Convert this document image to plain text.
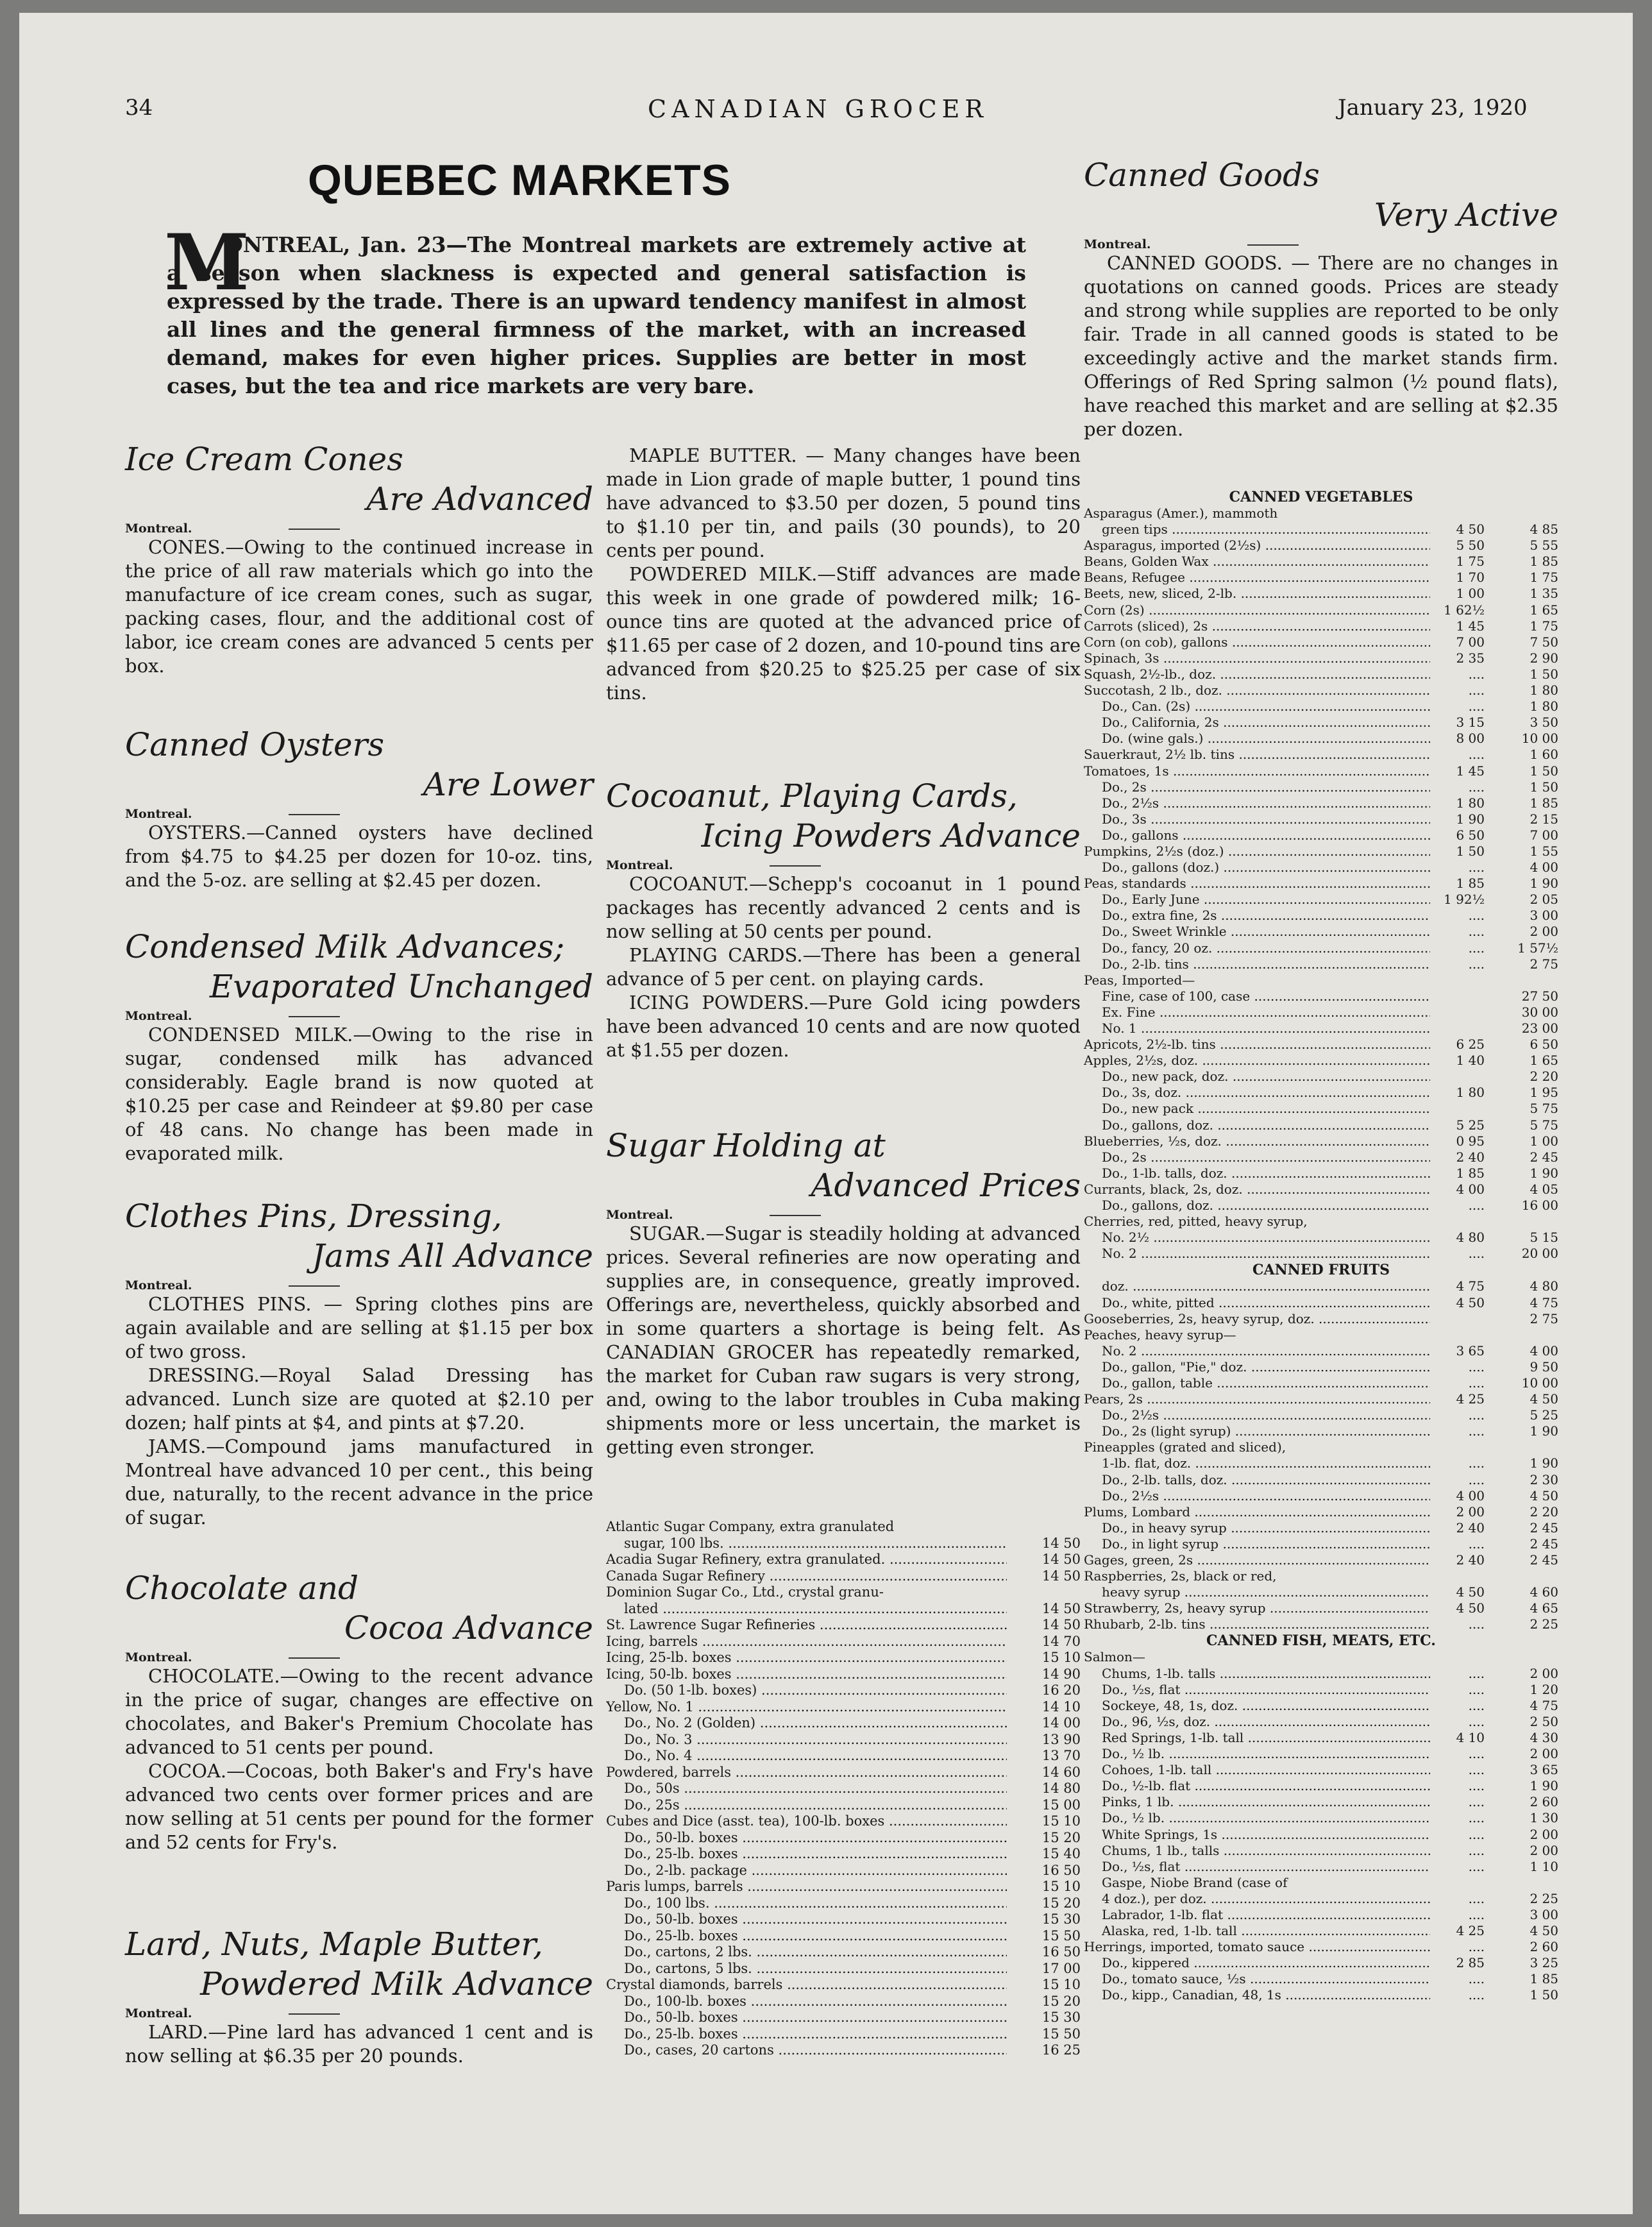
34	CANADIAN GROCER	January 23, 1920
QUEBEC MARKETS
M
ONTREAL, Jan. 23—The Montreal markets are extremely active at a season when slackness is expected and general satisfaction is expressed by the trade. There is an upward tendency manifest in almost all lines and the general firmness of the market, with an increased demand, makes for even higher prices. Supplies are better in most cases, but the tea and rice markets are very bare.
Ice Cream Cones
Are Advanced
Montreal.
CONES.—Owing to the continued increase in the price of all raw materials which go into the manufacture of ice cream cones, such as sugar, packing cases, flour, and the additional cost of labor, ice cream cones are advanced 5 cents per box.
Canned Oysters
Are Lower
Montreal.
OYSTERS.—Canned oysters have declined from $4.75 to $4.25 per dozen for 10-oz. tins, and the 5-oz. are selling at $2.45 per dozen.
Condensed Milk Advances;
Evaporated Unchanged
Montreal.
CONDENSED MILK.—Owing to the rise in sugar, condensed milk has advanced considerably. Eagle brand is now quoted at $10.25 per case and Reindeer at $9.80 per case of 48 cans. No change has been made in evaporated milk.
Clothes Pins, Dressing,
Jams All Advance
Montreal.
CLOTHES PINS. — Spring clothes pins are again available and are selling at $1.15 per box of two gross.
DRESSING.—Royal Salad Dressing has advanced. Lunch size are quoted at $2.10 per dozen; half pints at $4, and pints at $7.20.
JAMS.—Compound jams manufactured in Montreal have advanced 10 per cent., this being due, naturally, to the recent advance in the price of sugar.
Chocolate and
Cocoa Advance
Montreal.
CHOCOLATE.—Owing to the recent advance in the price of sugar, changes are effective on chocolates, and Baker's Premium Chocolate has advanced to 51 cents per pound.
COCOA.—Cocoas, both Baker's and Fry's have advanced two cents over former prices and are now selling at 51 cents per pound for the former and 52 cents for Fry's.
Lard, Nuts, Maple Butter,
Powdered Milk Advance
Montreal.
LARD.—Pine lard has advanced 1 cent and is now selling at $6.35 per 20 pounds.
MAPLE BUTTER. — Many changes have been made in Lion grade of maple butter, 1 pound tins have advanced to $3.50 per dozen, 5 pound tins to $1.10 per tin, and pails (30 pounds), to 20 cents per pound.
POWDERED MILK.—Stiff advances are made this week in one grade of powdered milk; 16-ounce tins are quoted at the advanced price of $11.65 per case of 2 dozen, and 10-pound tins are advanced from $20.25 to $25.25 per case of six tins.
Cocoanut, Playing Cards,
Icing Powders Advance
Montreal.
COCOANUT.—Schepp's cocoanut in 1 pound packages has recently advanced 2 cents and is now selling at 50 cents per pound.
PLAYING CARDS.—There has been a general advance of 5 per cent. on playing cards.
ICING POWDERS.—Pure Gold icing powders have been advanced 10 cents and are now quoted at $1.55 per dozen.
Sugar Holding at
Advanced Prices
Montreal.
SUGAR.—Sugar is steadily holding at advanced prices. Several refineries are now operating and supplies are, in consequence, greatly improved. Offerings are, nevertheless, quickly absorbed and in some quarters a shortage is being felt. As CANADIAN GROCER has repeatedly remarked, the market for Cuban raw sugars is very strong, and, owing to the labor troubles in Cuba making shipments more or less uncertain, the market is getting even stronger.
Atlantic Sugar Company, extra granulated
sugar, 100 lbs. .....	14 50
Acadia Sugar Refinery, extra granulated. .....	14 50
Canada Sugar Refinery .....	14 50
Dominion Sugar Co., Ltd., crystal granu-
lated .....	14 50
St. Lawrence Sugar Refineries .....	14 50
Icing, barrels .....	14 70
Icing, 25-lb. boxes .....	15 10
Icing, 50-lb. boxes .....	14 90
Do. (50 1-lb. boxes) .....	16 20
Yellow, No. 1 .....	14 10
Do., No. 2 (Golden) .....	14 00
Do., No. 3 .....	13 90
Do., No. 4 .....	13 70
Powdered, barrels .....	14 60
Do., 50s .....	14 80
Do., 25s .....	15 00
Cubes and Dice (asst. tea), 100-lb. boxes .....	15 10
Do., 50-lb. boxes .....	15 20
Do., 25-lb. boxes .....	15 40
Do., 2-lb. package .....	16 50
Paris lumps, barrels .....	15 10
Do., 100 lbs. .....	15 20
Do., 50-lb. boxes .....	15 30
Do., 25-lb. boxes .....	15 50
Do., cartons, 2 lbs. .....	16 50
Do., cartons, 5 lbs. .....	17 00
Crystal diamonds, barrels .....	15 10
Do., 100-lb. boxes .....	15 20
Do., 50-lb. boxes .....	15 30
Do., 25-lb. boxes .....	15 50
Do., cases, 20 cartons .....	16 25
Canned Goods
Very Active
Montreal.
CANNED GOODS. — There are no changes in quotations on canned goods. Prices are steady and strong while supplies are reported to be only fair. Trade in all canned goods is stated to be exceedingly active and the market stands firm. Offerings of Red Spring salmon (½ pound flats), have reached this market and are selling at $2.35 per dozen.
CANNED VEGETABLES
Asparagus (Amer.), mammoth
green tips .....	4 50	4 85
Asparagus, imported (2½s) .....	5 50	5 55
Beans, Golden Wax .....	1 75	1 85
Beans, Refugee .....	1 70	1 75
Beets, new, sliced, 2-lb. .....	1 00	1 35
Corn (2s) .....	1 62½	1 65
Carrots (sliced), 2s .....	1 45	1 75
Corn (on cob), gallons .....	7 00	7 50
Spinach, 3s .....	2 35	2 90
Squash, 2½-lb., doz. .....	....	1 50
Succotash, 2 lb., doz. .....	....	1 80
Do., Can. (2s) .....	....	1 80
Do., California, 2s .....	3 15	3 50
Do. (wine gals.) .....	8 00	10 00
Sauerkraut, 2½ lb. tins .....	....	1 60
Tomatoes, 1s .....	1 45	1 50
Do., 2s .....	....	1 50
Do., 2½s .....	1 80	1 85
Do., 3s .....	1 90	2 15
Do., gallons .....	6 50	7 00
Pumpkins, 2½s (doz.) .....	1 50	1 55
Do., gallons (doz.) .....	....	4 00
Peas, standards .....	1 85	1 90
Do., Early June .....	1 92½	2 05
Do., extra fine, 2s .....	....	3 00
Do., Sweet Wrinkle .....	....	2 00
Do., fancy, 20 oz. .....	....	1 57½
Do., 2-lb. tins .....	....	2 75
Peas, Imported—
Fine, case of 100, case .....	27 50
Ex. Fine .....	30 00
No. 1 .....	23 00
Apricots, 2½-lb. tins .....	6 25	6 50
Apples, 2½s, doz. .....	1 40	1 65
Do., new pack, doz. .....	2 20
Do., 3s, doz. .....	1 80	1 95
Do., new pack .....	5 75
Do., gallons, doz. .....	5 25	5 75
Blueberries, ½s, doz. .....	0 95	1 00
Do., 2s .....	2 40	2 45
Do., 1-lb. talls, doz. .....	1 85	1 90
Currants, black, 2s, doz. .....	4 00	4 05
Do., gallons, doz. .....	....	16 00
Cherries, red, pitted, heavy syrup,
No. 2½ .....	4 80	5 15
No. 2 .....	....	20 00
CANNED FRUITS
doz. .....	4 75	4 80
Do., white, pitted .....	4 50	4 75
Gooseberries, 2s, heavy syrup, doz. .....	2 75
Peaches, heavy syrup—
No. 2 .....	3 65	4 00
Do., gallon, "Pie," doz. .....	....	9 50
Do., gallon, table .....	....	10 00
Pears, 2s .....	4 25	4 50
Do., 2½s .....	....	5 25
Do., 2s (light syrup) .....	....	1 90
Pineapples (grated and sliced),
1-lb. flat, doz. .....	....	1 90
Do., 2-lb. talls, doz. .....	....	2 30
Do., 2½s .....	4 00	4 50
Plums, Lombard .....	2 00	2 20
Do., in heavy syrup .....	2 40	2 45
Do., in light syrup .....	....	2 45
Gages, green, 2s .....	2 40	2 45
Raspberries, 2s, black or red,
heavy syrup .....	4 50	4 60
Strawberry, 2s, heavy syrup .....	4 50	4 65
Rhubarb, 2-lb. tins .....	....	2 25
CANNED FISH, MEATS, ETC.
Salmon—
Chums, 1-lb. talls .....	....	2 00
Do., ½s, flat .....	....	1 20
Sockeye, 48, 1s, doz. .....	....	4 75
Do., 96, ½s, doz. .....	....	2 50
Red Springs, 1-lb. tall .....	4 10	4 30
Do., ½ lb. .....	....	2 00
Cohoes, 1-lb. tall .....	....	3 65
Do., ½-lb. flat .....	....	1 90
Pinks, 1 lb. .....	....	2 60
Do., ½ lb. .....	....	1 30
White Springs, 1s .....	....	2 00
Chums, 1 lb., talls .....	....	2 00
Do., ½s, flat .....	....	1 10
Gaspe, Niobe Brand (case of
4 doz.), per doz. .....	....	2 25
Labrador, 1-lb. flat .....	....	3 00
Alaska, red, 1-lb. tall .....	4 25	4 50
Herrings, imported, tomato sauce .....	....	2 60
Do., kippered .....	2 85	3 25
Do., tomato sauce, ½s .....	....	1 85
Do., kipp., Canadian, 48, 1s .....	....	1 50
